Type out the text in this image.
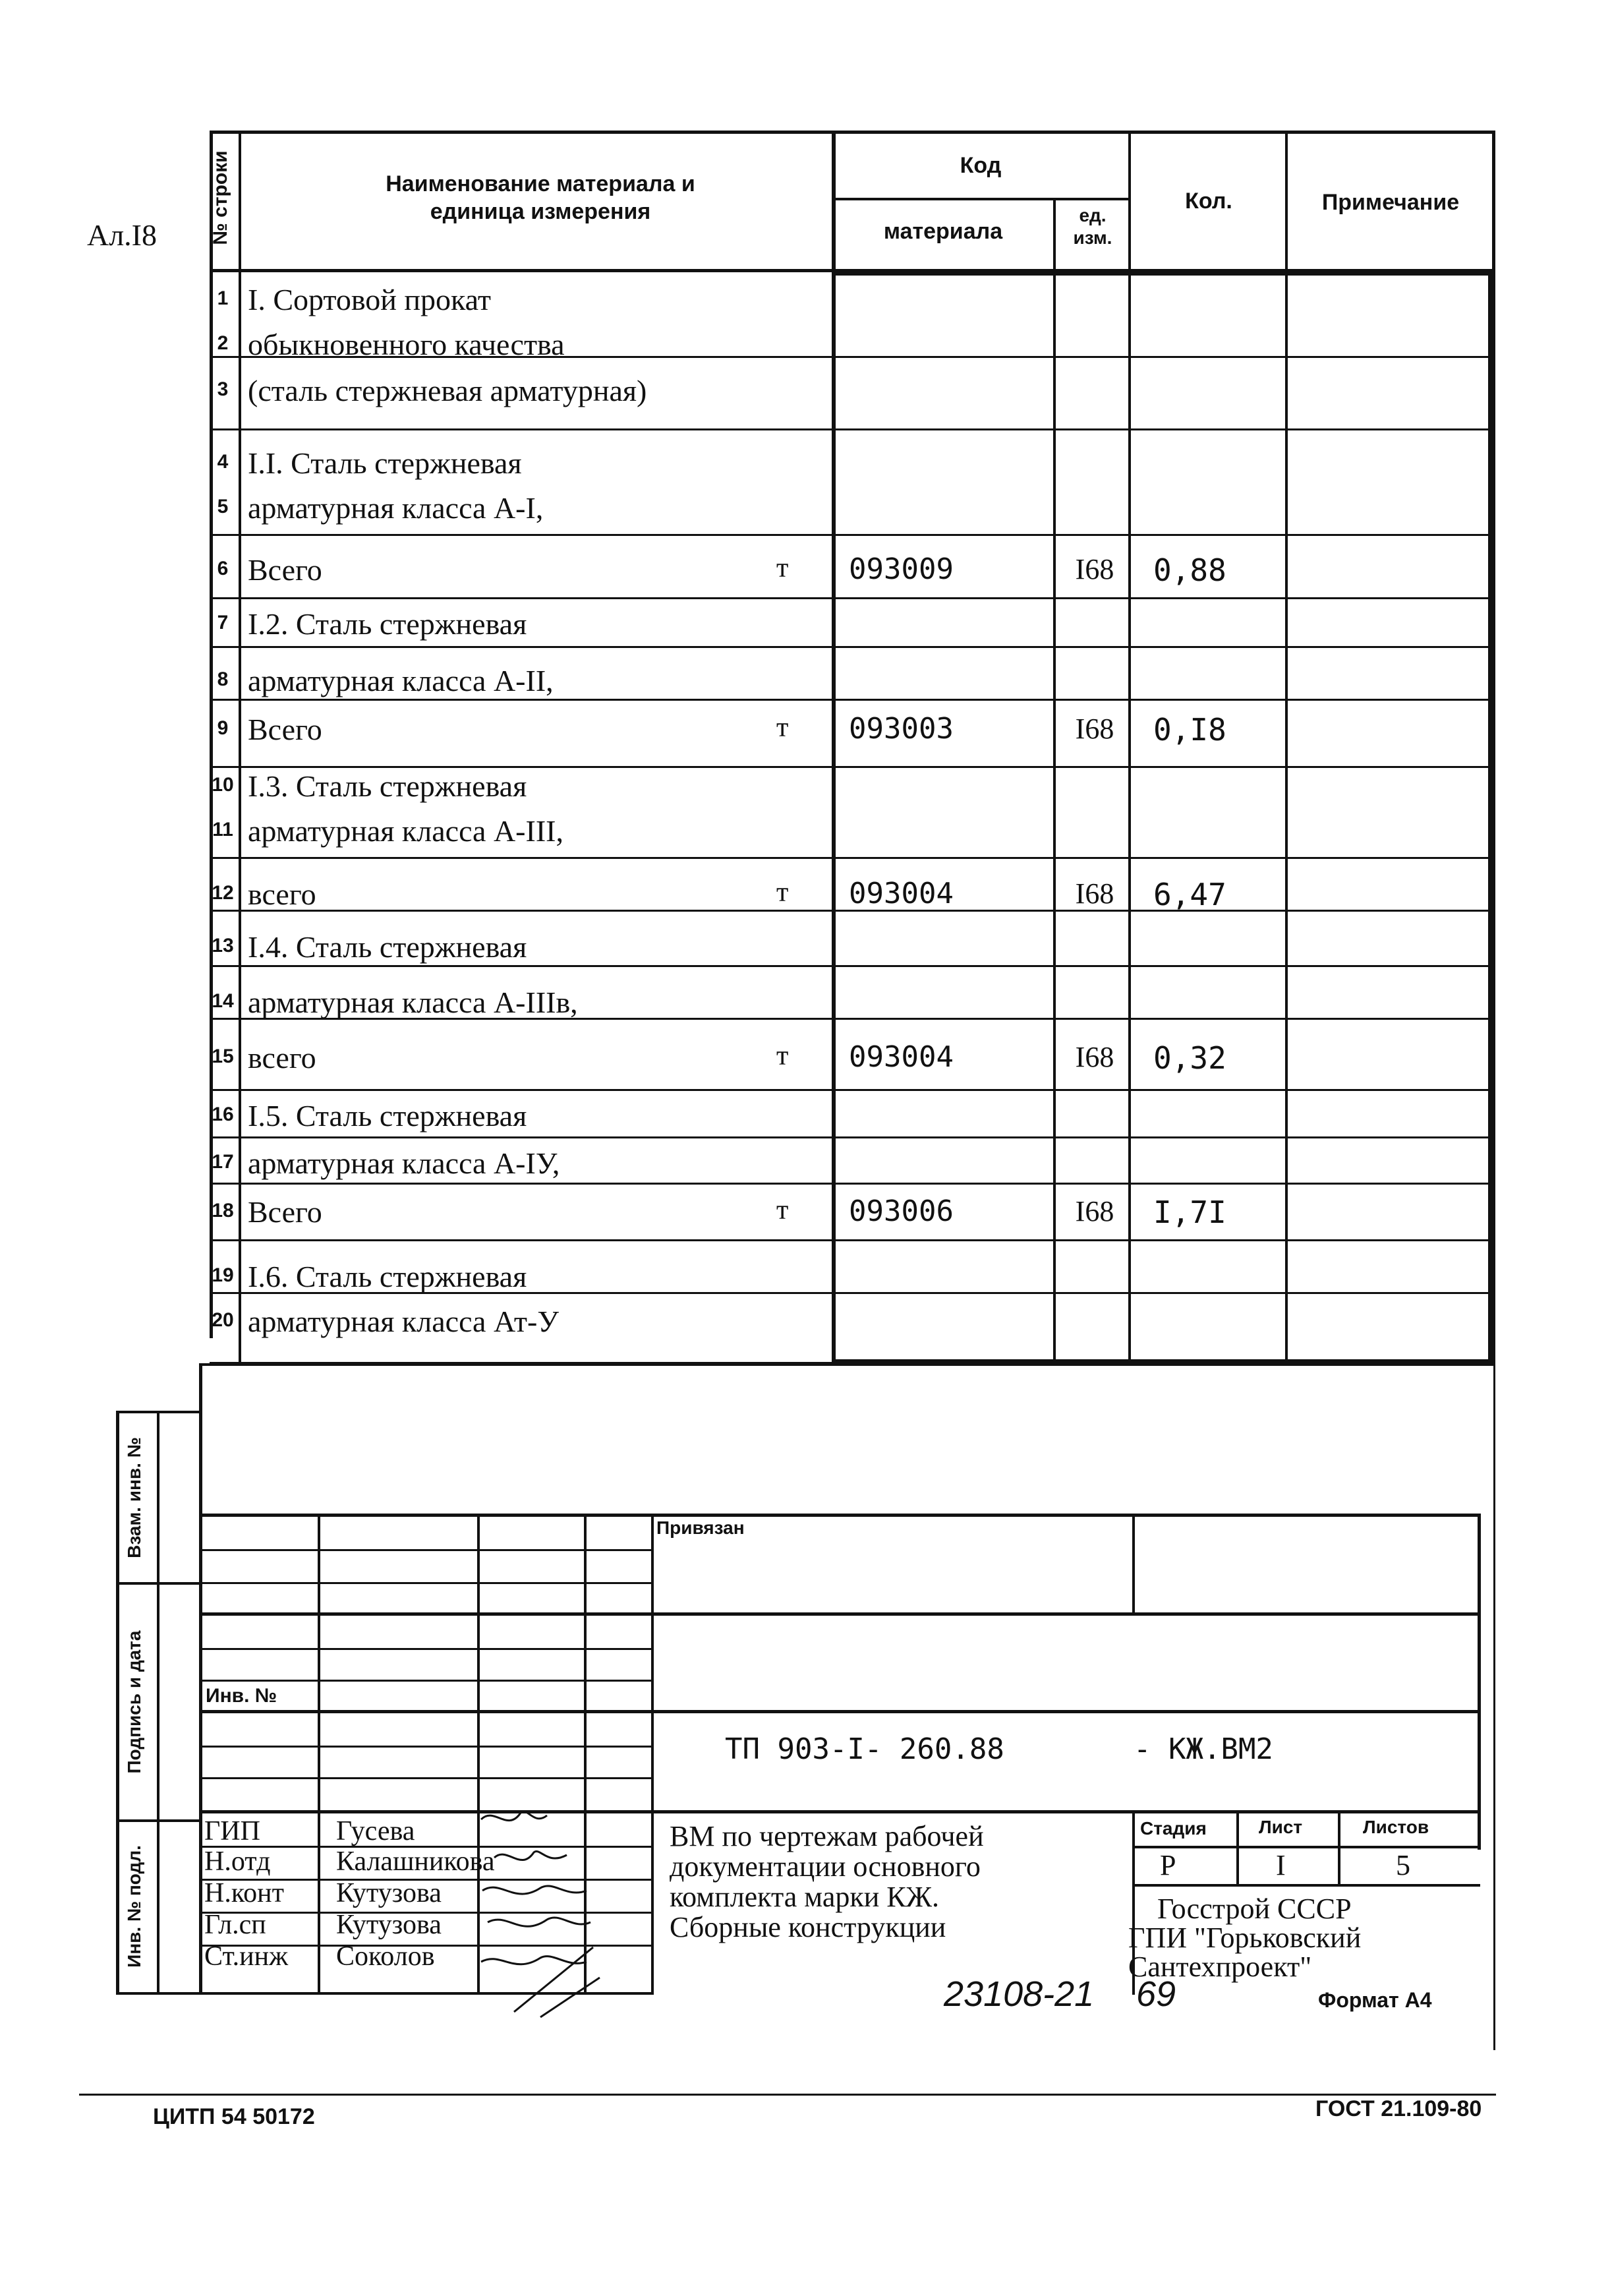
Ал.I8	№ строки	Наименование материала и единица измерения
Код
материала
ед. изм.
Кол.	Примечание
1 I. Сортовой прокат
2 обыкновенного качества
3 (сталь стержневая арматурная)
4 I.I. Сталь стержневая
5 арматурная класса А-I,
6 Всего	т 093009	I68	0,88
7 I.2. Сталь стержневая
8 арматурная класса А-II,
9 Всего	т 093003	I68	0,I8
10 I.3. Сталь стержневая
11 арматурная класса А-III,
12 всего	т 093004	I68	6,47
13 I.4. Сталь стержневая
14 арматурная класса А-IIIв,
15 всего	т 093004	I68	0,32
16 I.5. Сталь стержневая
17 арматурная класса А-IУ,
18 Всего	т 093006	I68	I,7I
19 I.6. Сталь стержневая
20 арматурная класса Ат-У
Взам. инв. №
Подпись и дата
Инв. № подл.
Привязан
Инв. №
ТП 903-I- 260.88	- КЖ.ВМ2
ГИП	Гусева
Н.отд Калашникова
Н.конт Кутузова
Гл.сп	Кутузова
Ст.инж Соколов
ВМ по чертежам рабочей
документации основного
комплекта марки КЖ.
Сборные конструкции
Стадия	Лист	Листов
Р	I	5
Госстрой СССР
ГПИ "Горьковский
Сантехпроект"
23108-21 69	Формат А4
ЦИТП 54 50172	ГОСТ 21.109-80
